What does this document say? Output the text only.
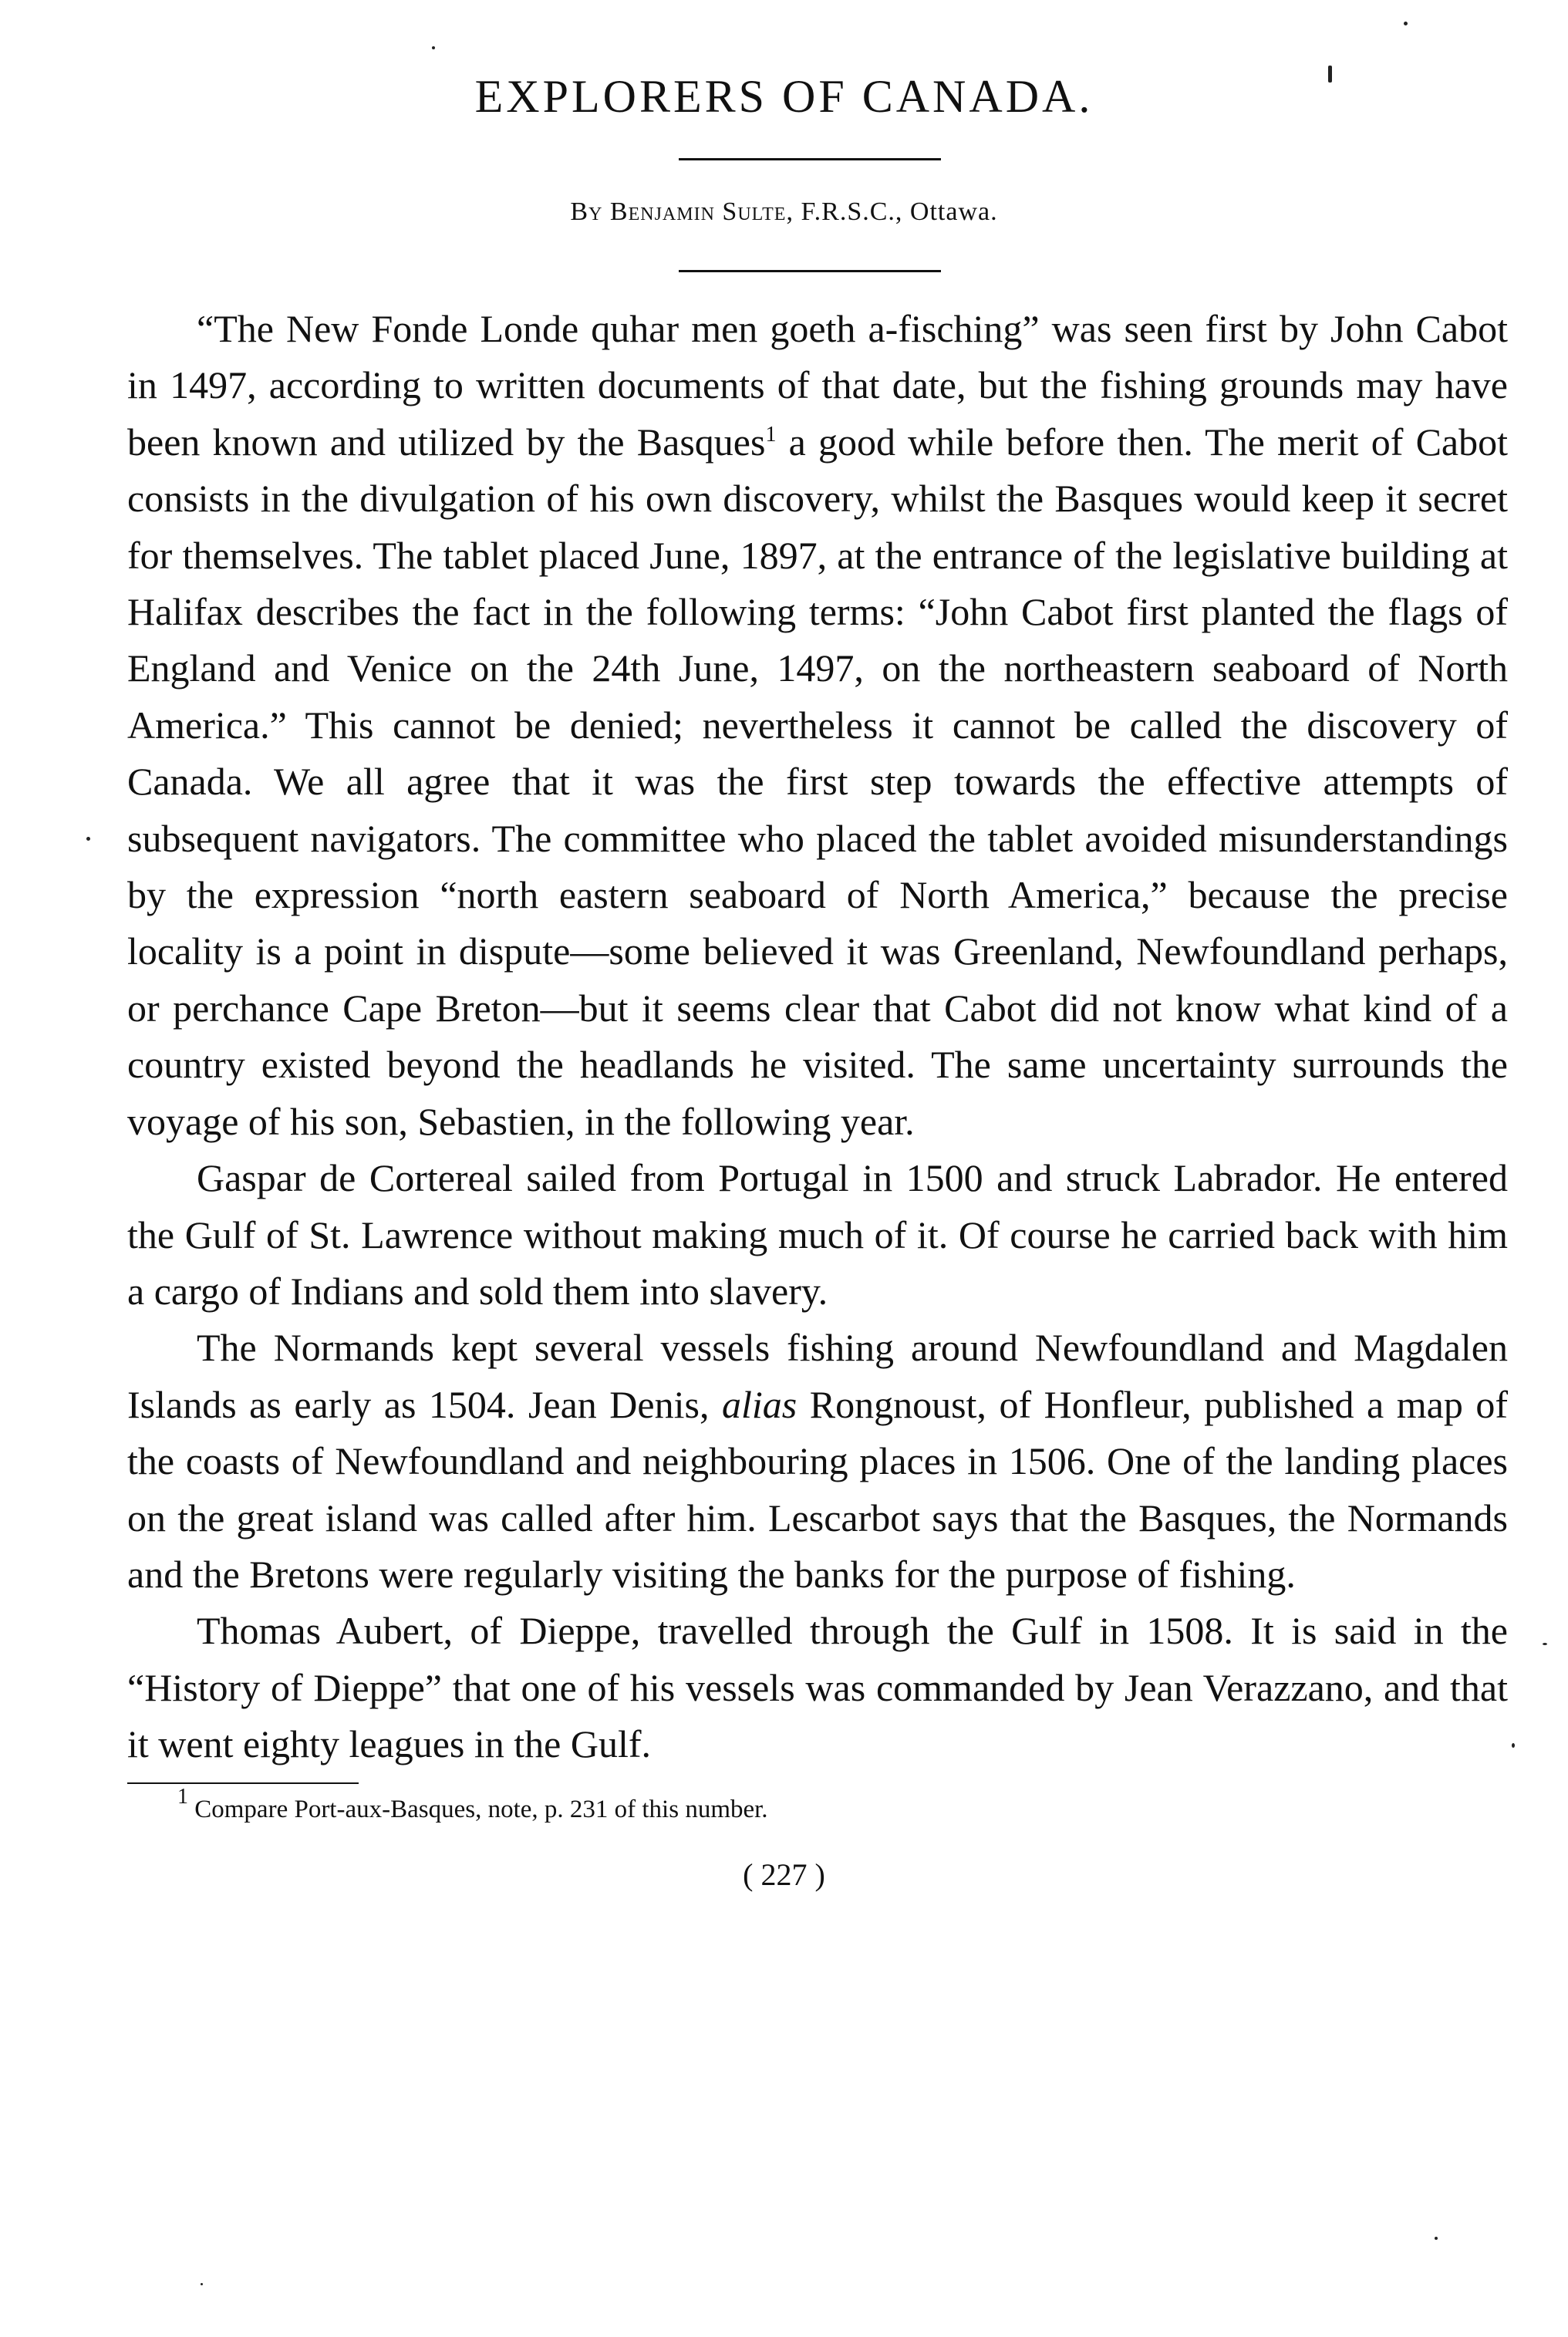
EXPLORERS OF CANADA.
By Benjamin Sulte, F.R.S.C., Ottawa.

“The New Fonde Londe quhar men goeth a-fisching” was seen first by John Cabot in 1497, according to written documents of that date, but the fishing grounds may have been known and utilized by the Basques$^1$ a good while before then. The merit of Cabot consists in the divulgation of his own discovery, whilst the Basques would keep it secret for themselves. The tablet placed June, 1897, at the entrance of the legislative building at Halifax describes the fact in the following terms: “John Cabot first planted the flags of England and Venice on the 24th June, 1497, on the northeastern seaboard of North America.” This cannot be denied; nevertheless it cannot be called the discovery of Canada. We all agree that it was the first step towards the effective attempts of subsequent navigators. The committee who placed the tablet avoided misunderstandings by the expression “north eastern seaboard of North America,” because the precise locality is a point in dispute—some believed it was Greenland, Newfoundland perhaps, or perchance Cape Breton—but it seems clear that Cabot did not know what kind of a country existed beyond the headlands he visited. The same uncertainty surrounds the voyage of his son, Sebastien, in the following year.

Gaspar de Cortereal sailed from Portugal in 1500 and struck Labrador. He entered the Gulf of St. Lawrence without making much of it. Of course he carried back with him a cargo of Indians and sold them into slavery.

The Normands kept several vessels fishing around Newfoundland and Magdalen Islands as early as 1504. Jean Denis, alias Rongnoust, of Honfleur, published a map of the coasts of Newfoundland and neighbouring places in 1506. One of the landing places on the great island was called after him. Lescarbot says that the Basques, the Normands and the Bretons were regularly visiting the banks for the purpose of fishing.

Thomas Aubert, of Dieppe, travelled through the Gulf in 1508. It is said in the “History of Dieppe” that one of his vessels was commanded by Jean Verazzano, and that it went eighty leagues in the Gulf.

$^1$ Compare Port-aux-Basques, note, p. 231 of this number.
( 227 )
